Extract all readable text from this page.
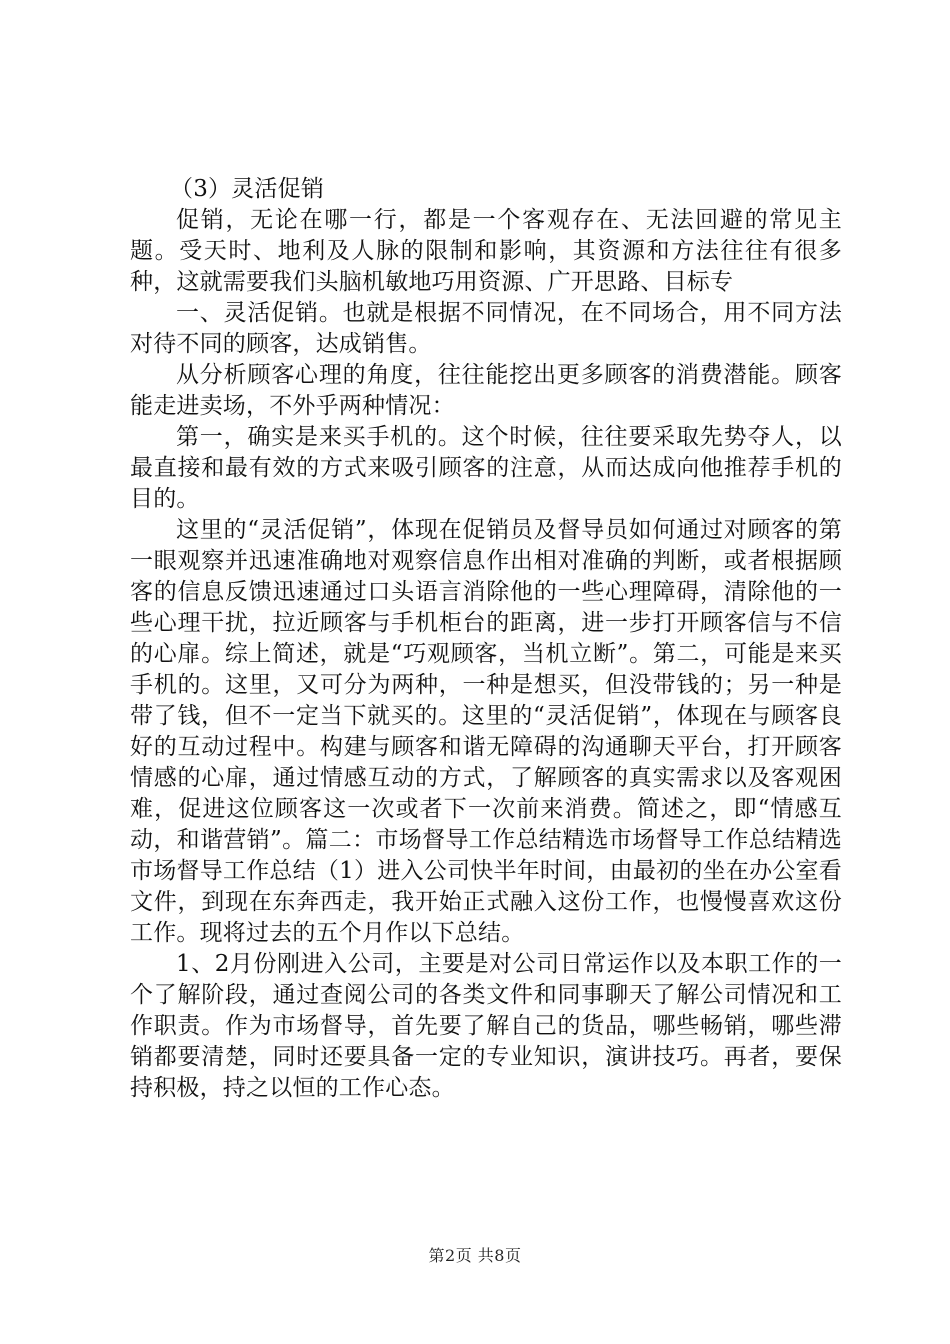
（3）灵活促销

促销，无论在哪一行，都是一个客观存在、无法回避的常见主题。受天时、地利及人脉的限制和影响，其资源和方法往往有很多种，这就需要我们头脑机敏地巧用资源、广开思路、目标专

一、灵活促销。也就是根据不同情况，在不同场合，用不同方法对待不同的顾客，达成销售。

从分析顾客心理的角度，往往能挖出更多顾客的消费潜能。顾客能走进卖场，不外乎两种情况：

第一，确实是来买手机的。这个时候，往往要采取先势夺人，以最直接和最有效的方式来吸引顾客的注意，从而达成向他推荐手机的目的。

这里的“灵活促销”，体现在促销员及督导员如何通过对顾客的第一眼观察并迅速准确地对观察信息作出相对准确的判断，或者根据顾客的信息反馈迅速通过口头语言消除他的一些心理障碍，清除他的一些心理干扰，拉近顾客与手机柜台的距离，进一步打开顾客信与不信的心扉。综上简述，就是“巧观顾客，当机立断”。第二，可能是来买手机的。这里，又可分为两种，一种是想买，但没带钱的；另一种是带了钱，但不一定当下就买的。这里的“灵活促销”，体现在与顾客良好的互动过程中。构建与顾客和谐无障碍的沟通聊天平台，打开顾客情感的心扉，通过情感互动的方式，了解顾客的真实需求以及客观困难，促进这位顾客这一次或者下一次前来消费。简述之，即“情感互动，和谐营销”。篇二：市场督导工作总结精选市场督导工作总结精选市场督导工作总结（1）进入公司快半年时间，由最初的坐在办公室看文件，到现在东奔西走，我开始正式融入这份工作，也慢慢喜欢这份工作。现将过去的五个月作以下总结。

1、2月份刚进入公司，主要是对公司日常运作以及本职工作的一个了解阶段，通过查阅公司的各类文件和同事聊天了解公司情况和工作职责。作为市场督导，首先要了解自己的货品，哪些畅销，哪些滞销都要清楚，同时还要具备一定的专业知识，演讲技巧。再者，要保持积极，持之以恒的工作心态。

第2页 共8页
